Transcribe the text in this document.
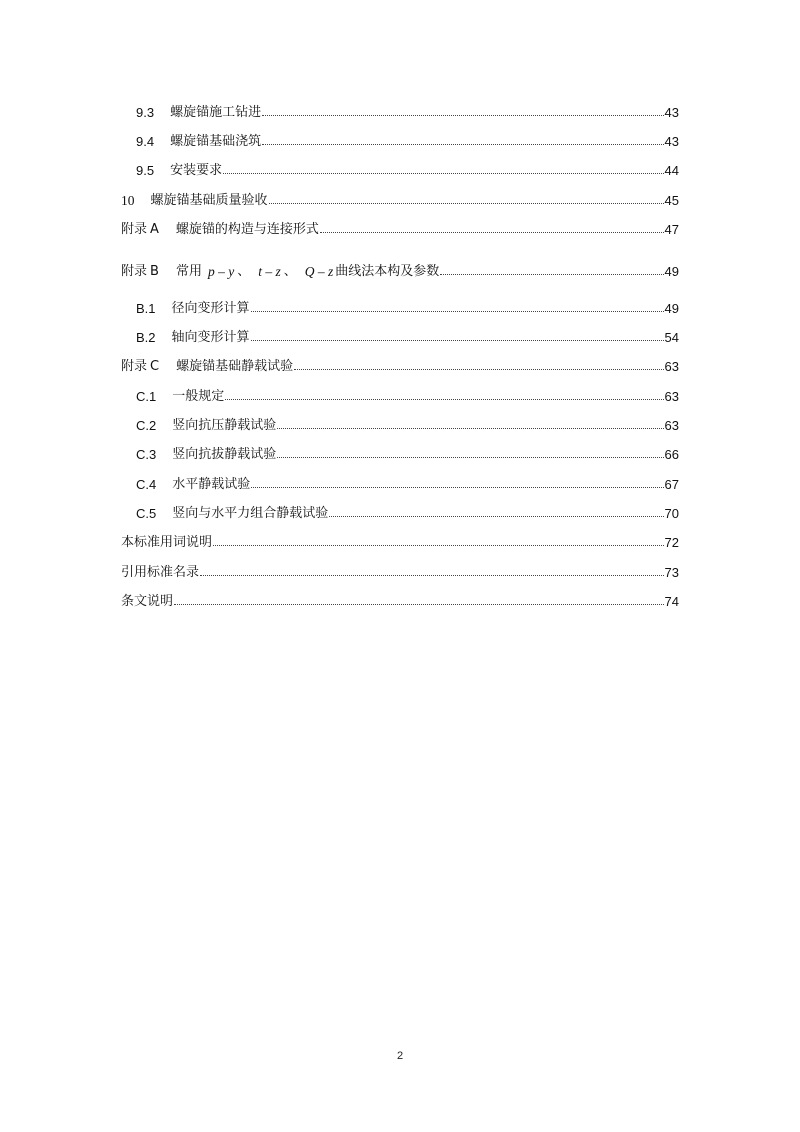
9.3 螺旋锚施工钻进	43
9.4 螺旋锚基础浇筑	43
9.5 安装要求	44
10 螺旋锚基础质量验收	45
附录 A 螺旋锚的构造与连接形式	47
附录 B 常用 p – y 、 t – z 、 Q – z 曲线法本构及参数	49
B.1 径向变形计算	49
B.2 轴向变形计算	54
附录 C 螺旋锚基础静载试验	63
C.1 一般规定	63
C.2 竖向抗压静载试验	63
C.3 竖向抗拔静载试验	66
C.4 水平静载试验	67
C.5 竖向与水平力组合静载试验	70
本标准用词说明	72
引用标准名录	73
条文说明	74
2
